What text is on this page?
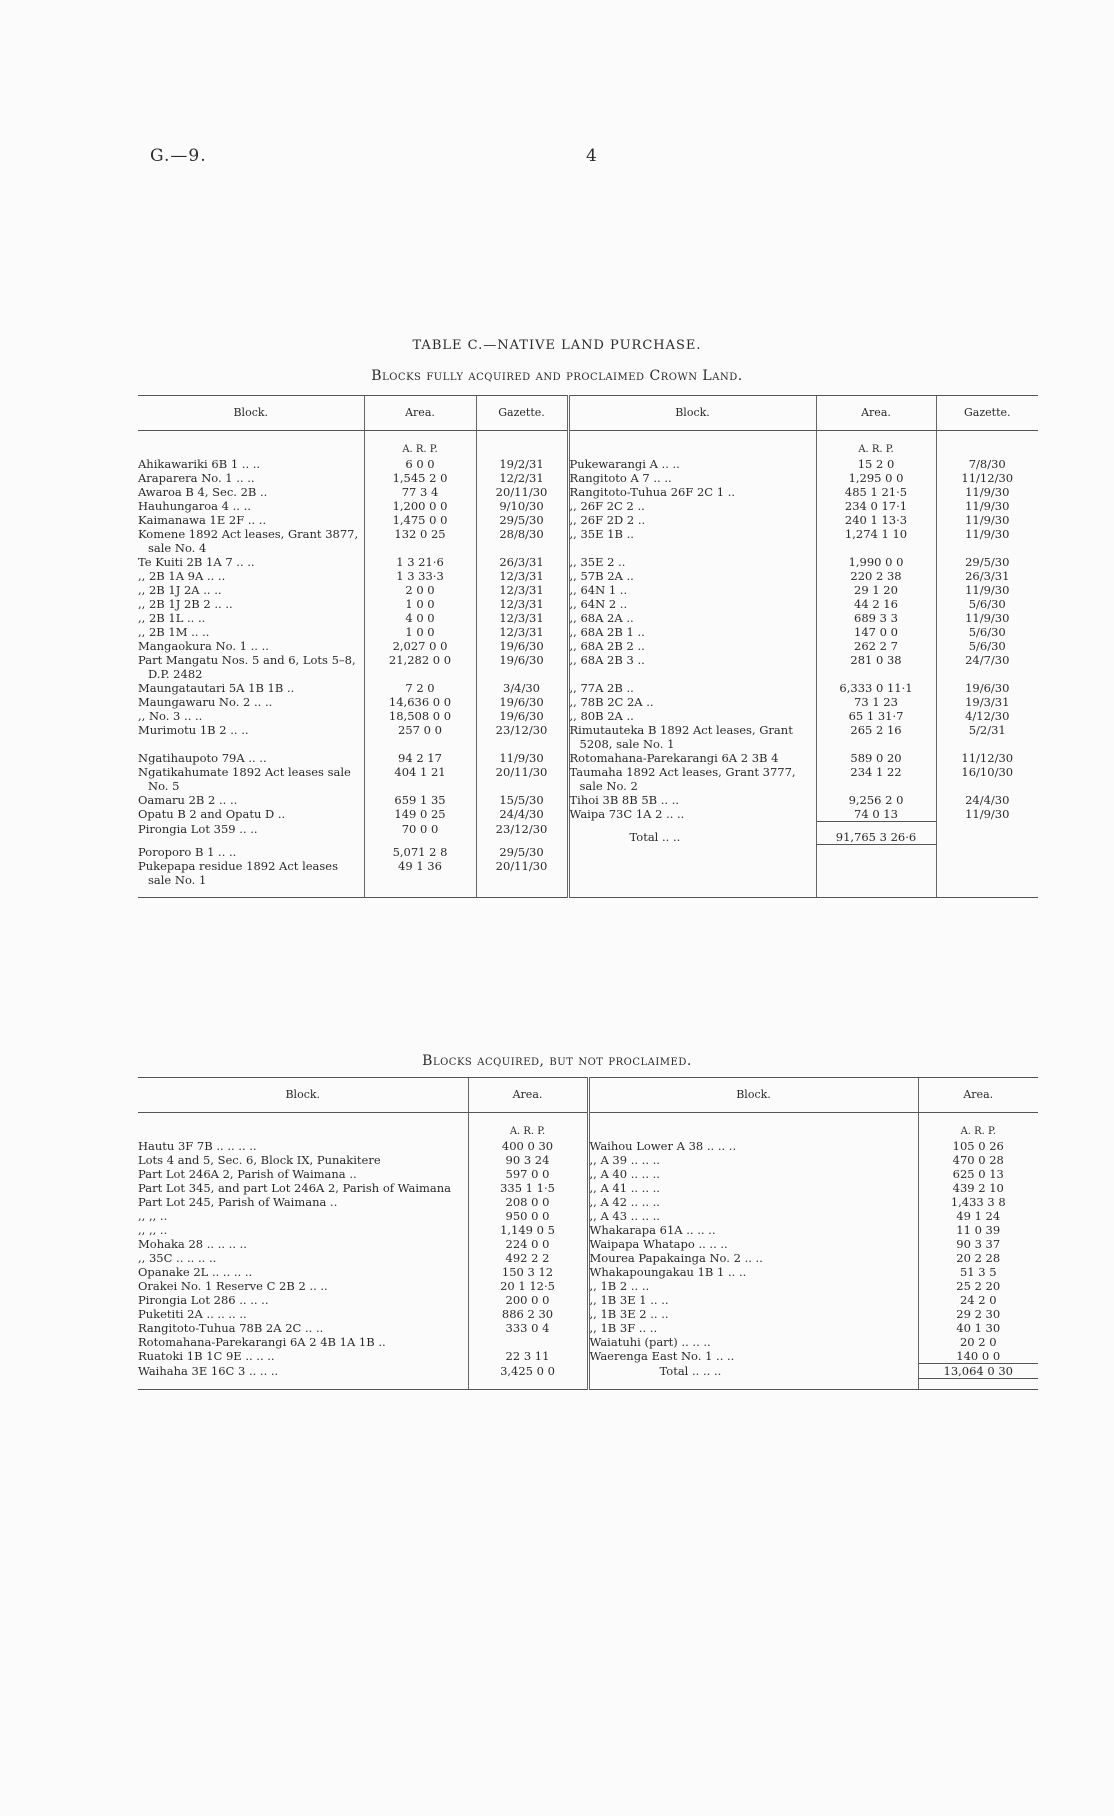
G.—9.	4
TABLE C.—NATIVE LAND PURCHASE.
Blocks fully acquired and proclaimed Crown Land.
Block.	Area.	Gazette.	Block.	Area.	Gazette.
	A. R. P.			A. R. P.	
Ahikawariki 6B 1 .. ..	6 0 0	19/2/31	Pukewarangi A .. ..	15 2 0	7/8/30
Araparera No. 1 .. ..	1,545 2 0	12/2/31	Rangitoto A 7 .. ..	1,295 0 0	11/12/30
Awaroa B 4, Sec. 2B ..	77 3 4	20/11/30	Rangitoto-Tuhua 26F 2C 1 ..	485 1 21·5	11/9/30
Hauhungaroa 4 .. ..	1,200 0 0	9/10/30	,, 26F 2C 2 ..	234 0 17·1	11/9/30
Kaimanawa 1E 2F .. ..	1,475 0 0	29/5/30	,, 26F 2D 2 ..	240 1 13·3	11/9/30
Komene 1892 Act leases, Grant 3877, sale No. 4	132 0 25	28/8/30	,, 35E 1B ..	1,274 1 10	11/9/30
Te Kuiti 2B 1A 7 .. ..	1 3 21·6	26/3/31	,, 35E 2 ..	1,990 0 0	29/5/30
,, 2B 1A 9A .. ..	1 3 33·3	12/3/31	,, 57B 2A ..	220 2 38	26/3/31
,, 2B 1J 2A .. ..	2 0 0	12/3/31	,, 64N 1 ..	29 1 20	11/9/30
,, 2B 1J 2B 2 .. ..	1 0 0	12/3/31	,, 64N 2 ..	44 2 16	5/6/30
,, 2B 1L .. ..	4 0 0	12/3/31	,, 68A 2A ..	689 3 3	11/9/30
,, 2B 1M .. ..	1 0 0	12/3/31	,, 68A 2B 1 ..	147 0 0	5/6/30
Mangaokura No. 1 .. ..	2,027 0 0	19/6/30	,, 68A 2B 2 ..	262 2 7	5/6/30
Part Mangatu Nos. 5 and 6, Lots 5–8, D.P. 2482	21,282 0 0	19/6/30	,, 68A 2B 3 ..	281 0 38	24/7/30
Maungatautari 5A 1B 1B ..	7 2 0	3/4/30	,, 77A 2B ..	6,333 0 11·1	19/6/30
Maungawaru No. 2 .. ..	14,636 0 0	19/6/30	,, 78B 2C 2A ..	73 1 23	19/3/31
,, No. 3 .. ..	18,508 0 0	19/6/30	,, 80B 2A ..	65 1 31·7	4/12/30
Murimotu 1B 2 .. ..	257 0 0	23/12/30	Rimutauteka B 1892 Act leases, Grant 5208, sale No. 1	265 2 16	5/2/31
Ngatihaupoto 79A .. ..	94 2 17	11/9/30	Rotomahana-Parekarangi 6A 2 3B 4	589 0 20	11/12/30
Ngatikahumate 1892 Act leases sale No. 5	404 1 21	20/11/30	Taumaha 1892 Act leases, Grant 3777, sale No. 2	234 1 22	16/10/30
Oamaru 2B 2 .. ..	659 1 35	15/5/30	Tihoi 3B 8B 5B .. ..	9,256 2 0	24/4/30
Opatu B 2 and Opatu D ..	149 0 25	24/4/30	Waipa 73C 1A 2 .. ..	74 0 13	11/9/30
Pirongia Lot 359 .. ..	70 0 0	23/12/30	Total .. ..	91,765 3 26·6	
Poroporo B 1 .. ..	5,071 2 8	29/5/30			
Pukepapa residue 1892 Act leases sale No. 1	49 1 36	20/11/30			

Blocks acquired, but not proclaimed.
Block.	Area.	Block.	Area.
	A. R. P.		A. R. P.
Hautu 3F 7B .. .. .. ..	400 0 30	Waihou Lower A 38 .. .. ..	105 0 26
Lots 4 and 5, Sec. 6, Block IX, Punakitere	90 3 24	,, A 39 .. .. ..	470 0 28
Part Lot 246A 2, Parish of Waimana ..	597 0 0	,, A 40 .. .. ..	625 0 13
Part Lot 345, and part Lot 246A 2, Parish of Waimana	335 1 1·5	,, A 41 .. .. ..	439 2 10
Part Lot 245, Parish of Waimana ..	208 0 0	,, A 42 .. .. ..	1,433 3 8
,, ,, ..	950 0 0	,, A 43 .. .. ..	49 1 24
,, ,, ..	1,149 0 5	Whakarapa 61A .. .. ..	11 0 39
Mohaka 28 .. .. .. ..	224 0 0	Waipapa Whatapo .. .. ..	90 3 37
,, 35C .. .. .. ..	492 2 2	Mourea Papakainga No. 2 .. ..	20 2 28
Opanake 2L .. .. .. ..	150 3 12	Whakapoungakau 1B 1 .. ..	51 3 5
Orakei No. 1 Reserve C 2B 2 .. ..	20 1 12·5	,, 1B 2 .. ..	25 2 20
Pirongia Lot 286 .. .. ..	200 0 0	,, 1B 3E 1 .. ..	24 2 0
Puketiti 2A .. .. .. ..	886 2 30	,, 1B 3E 2 .. ..	29 2 30
Rangitoto-Tuhua 78B 2A 2C .. ..	333 0 4	,, 1B 3F .. ..	40 1 30
Rotomahana-Parekarangi 6A 2 4B 1A 1B ..		Waiatuhi (part) .. .. ..	20 2 0
Ruatoki 1B 1C 9E .. .. ..	22 3 11	Waerenga East No. 1 .. ..	140 0 0
Waihaha 3E 16C 3 .. .. ..	3,425 0 0	Total .. .. ..	13,064 0 30
